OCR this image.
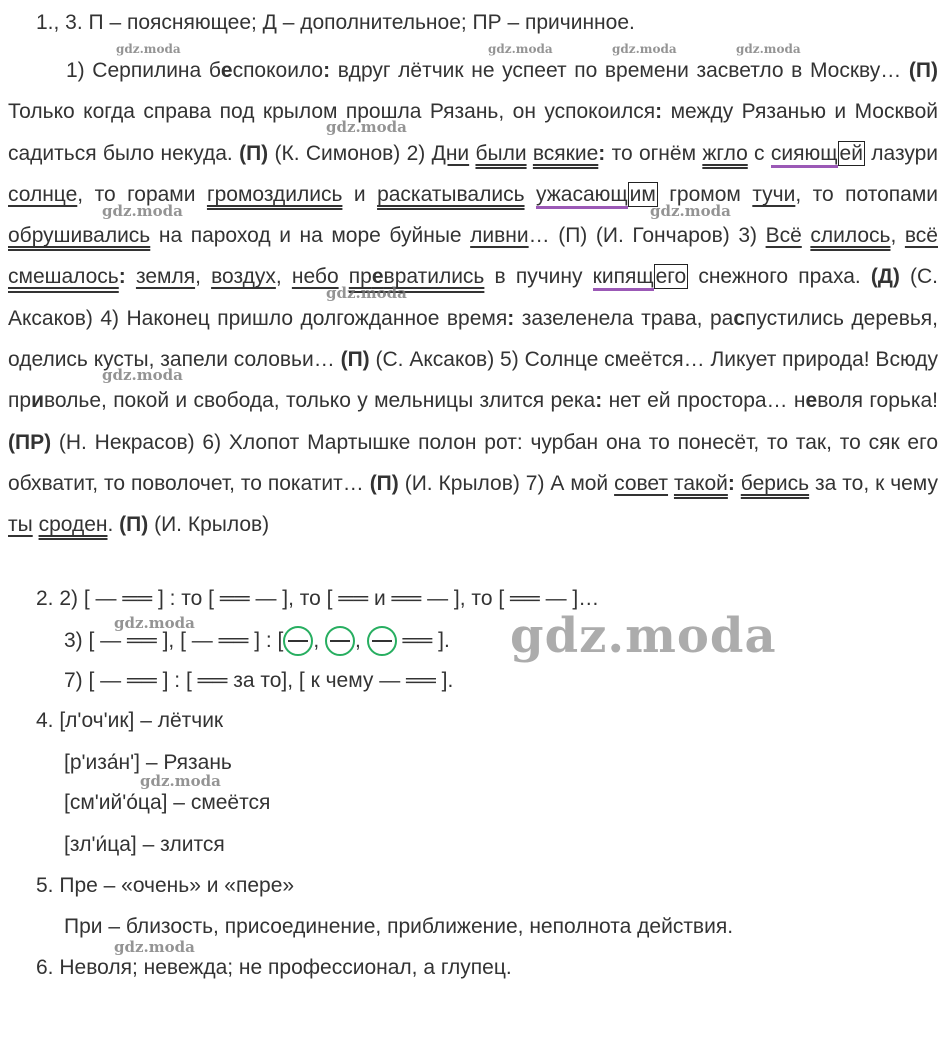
1., 3. П – поясняющее; Д – дополнительное; ПР – причинное.
1) Серпилина беспокоило: вдруг лётчик не успеет по времени засветло в Москву… (П) Только когда справа под крылом прошла Рязань, он успокоился: между Рязанью и Москвой садиться было некуда. (П) (К. Симонов) 2) Дни были всякие: то огнём жгло с сияющей лазури солнце, то горами громоздились и раскатывались ужасающим громом тучи, то потопами обрушивались на пароход и на море буйные ливни… (П) (И. Гончаров) 3) Всё слилось, всё смешалось: земля, воздух, небо превратились в пучину кипящего снежного праха. (Д) (С. Аксаков) 4) Наконец пришло долгожданное время: зазеленела трава, распустились деревья, оделись кусты, запели соловьи… (П) (С. Аксаков) 5) Солнце смеётся… Ликует природа! Всюду приволье, покой и свобода, только у мельницы злится река: нет ей простора… неволя горька! (ПР) (Н. Некрасов) 6) Хлопот Мартышке полон рот: чурбан она то понесёт, то так, то сяк его обхватит, то поволочет, то покатит… (П) (И. Крылов) 7) А мой совет такой: берись за то, к чему ты сроден. (П) (И. Крылов)
2. 2) [ — ══ ] : то [ ══ — ], то [ ══ и ══ — ], то [ ══ — ]…
3) [ — ══ ], [ — ══ ] : [ , ,  ══ ].
7) [ — ══ ] : [ ══ за то], [ к чему — ══ ].
4. [л'оч'ик] – лётчик
[р'иза́н'] – Рязань
[см'ий'о́ца] – смеётся
[зл'и́ца] – злится
5. Пре – «очень» и «пере»
При – близость, присоединение, приближение, неполнота действия.
6. Неволя; невежда; не профессионал, а глупец.
gdz.moda	gdz.moda	gdz.moda	gdz.moda
gdz.moda
gdz.moda	gdz.moda
gdz.moda
gdz.moda
gdz.moda
gdz.moda
gdz.moda
gdz.moda
